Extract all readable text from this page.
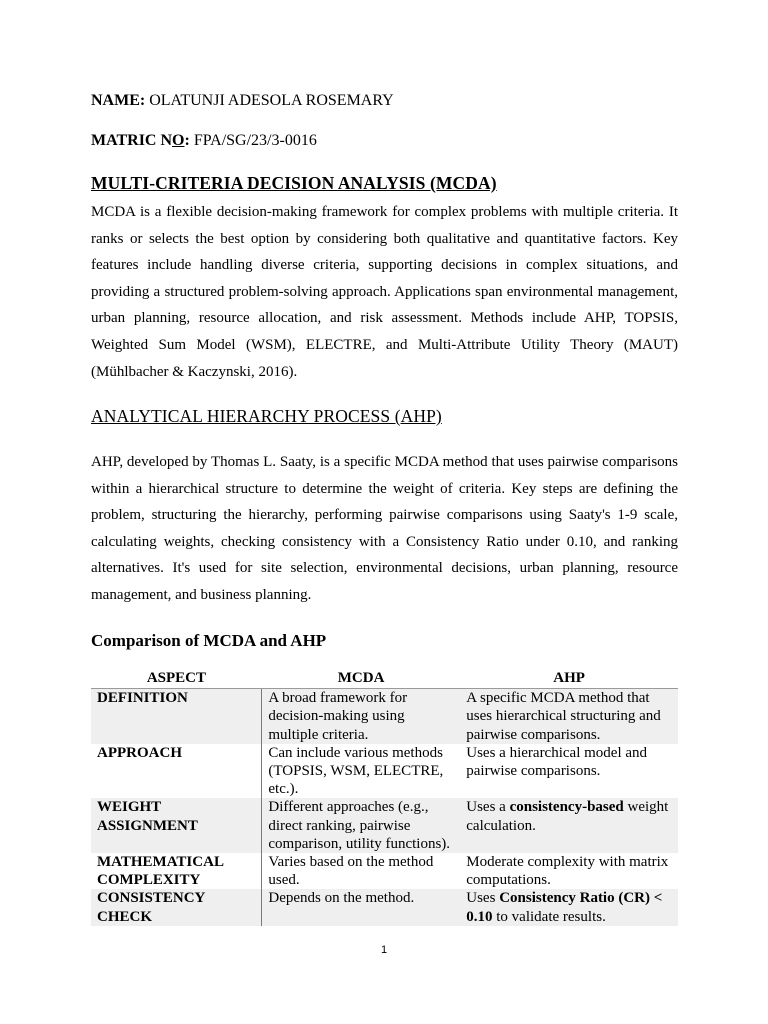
NAME: OLATUNJI ADESOLA ROSEMARY
MATRIC NO: FPA/SG/23/3-0016
MULTI-CRITERIA DECISION ANALYSIS (MCDA)

MCDA is a flexible decision-making framework for complex problems with multiple criteria. It ranks or selects the best option by considering both qualitative and quantitative factors. Key features include handling diverse criteria, supporting decisions in complex situations, and providing a structured problem-solving approach. Applications span environmental management, urban planning, resource allocation, and risk assessment. Methods include AHP, TOPSIS, Weighted Sum Model (WSM), ELECTRE, and Multi-Attribute Utility Theory (MAUT) (Mühlbacher & Kaczynski, 2016).

ANALYTICAL HIERARCHY PROCESS (AHP)

AHP, developed by Thomas L. Saaty, is a specific MCDA method that uses pairwise comparisons within a hierarchical structure to determine the weight of criteria. Key steps are defining the problem, structuring the hierarchy, performing pairwise comparisons using Saaty's 1-9 scale, calculating weights, checking consistency with a Consistency Ratio under 0.10, and ranking alternatives. It's used for site selection, environmental decisions, urban planning, resource management, and business planning.

Comparison of MCDA and AHP
ASPECT	MCDA	AHP
DEFINITION	A broad framework for decision-making using multiple criteria.	A specific MCDA method that uses hierarchical structuring and pairwise comparisons.
APPROACH	Can include various methods (TOPSIS, WSM, ELECTRE, etc.).	Uses a hierarchical model and pairwise comparisons.
WEIGHT ASSIGNMENT	Different approaches (e.g., direct ranking, pairwise comparison, utility functions).	Uses a consistency-based weight calculation.
MATHEMATICAL COMPLEXITY	Varies based on the method used.	Moderate complexity with matrix computations.
CONSISTENCY CHECK	Depends on the method.	Uses Consistency Ratio (CR) < 0.10 to validate results.
1
